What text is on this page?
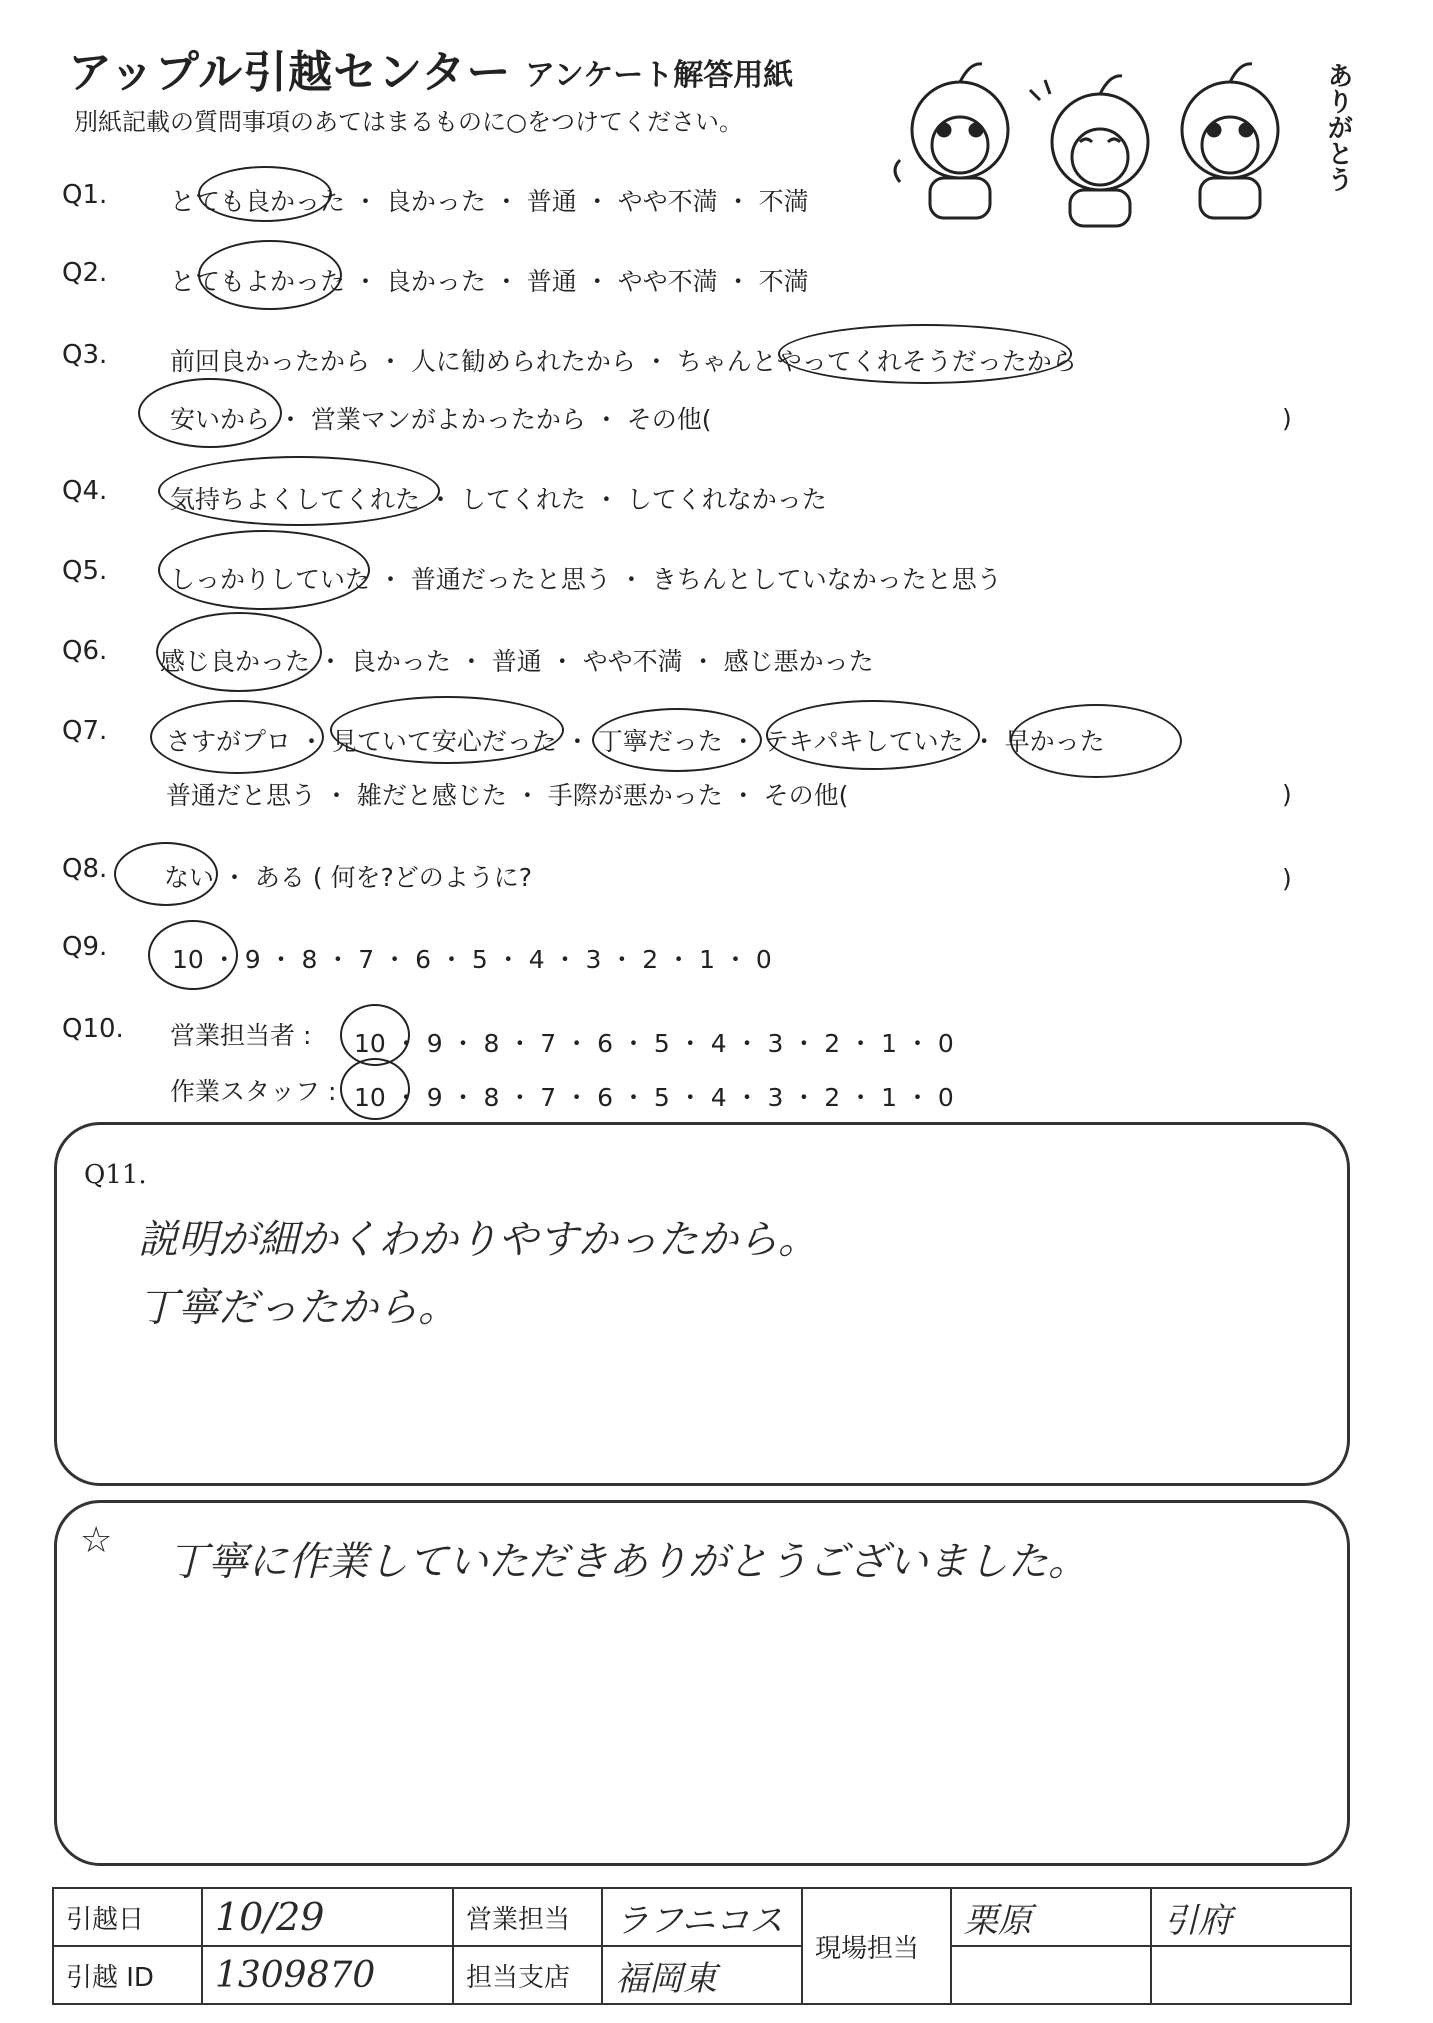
アップル引越センター アンケート解答用紙
別紙記載の質問事項のあてはまるものに○をつけてください。	ありがとう
Q1.	とても良かった ・ 良かった ・ 普通 ・ やや不満 ・ 不満
Q2.	とてもよかった ・ 良かった ・ 普通 ・ やや不満 ・ 不満
Q3.	前回良かったから ・ 人に勧められたから ・ ちゃんとやってくれそうだったから
安いから ・ 営業マンがよかったから ・ その他(	)
Q4.	気持ちよくしてくれた ・ してくれた ・ してくれなかった
Q5.	しっかりしていた ・ 普通だったと思う ・ きちんとしていなかったと思う
Q6. 感じ良かった ・ 良かった ・ 普通 ・ やや不満 ・ 感じ悪かった
Q7. さすがプロ ・ 見ていて安心だった ・ 丁寧だった ・ テキパキしていた ・ 早かった
普通だと思う ・ 雑だと感じた ・ 手際が悪かった ・ その他(	)
Q8. ない ・ ある ( 何を?どのように?	)
Q9.	10 ・ 9 ・ 8 ・ 7 ・ 6 ・ 5 ・ 4 ・ 3 ・ 2 ・ 1 ・ 0
Q10. 営業担当者 : 10 ・ 9 ・ 8 ・ 7 ・ 6 ・ 5 ・ 4 ・ 3 ・ 2 ・ 1 ・ 0
作業スタッフ : 10 ・ 9 ・ 8 ・ 7 ・ 6 ・ 5 ・ 4 ・ 3 ・ 2 ・ 1 ・ 0
Q11.
説明が細かくわかりやすかったから。
丁寧だったから。
☆ 丁寧に作業していただきありがとうございました。
引越日	10/29	営業担当	ラフニコス	現場担当	栗原	引府
引越 ID	1309870	担当支店	福岡東			
